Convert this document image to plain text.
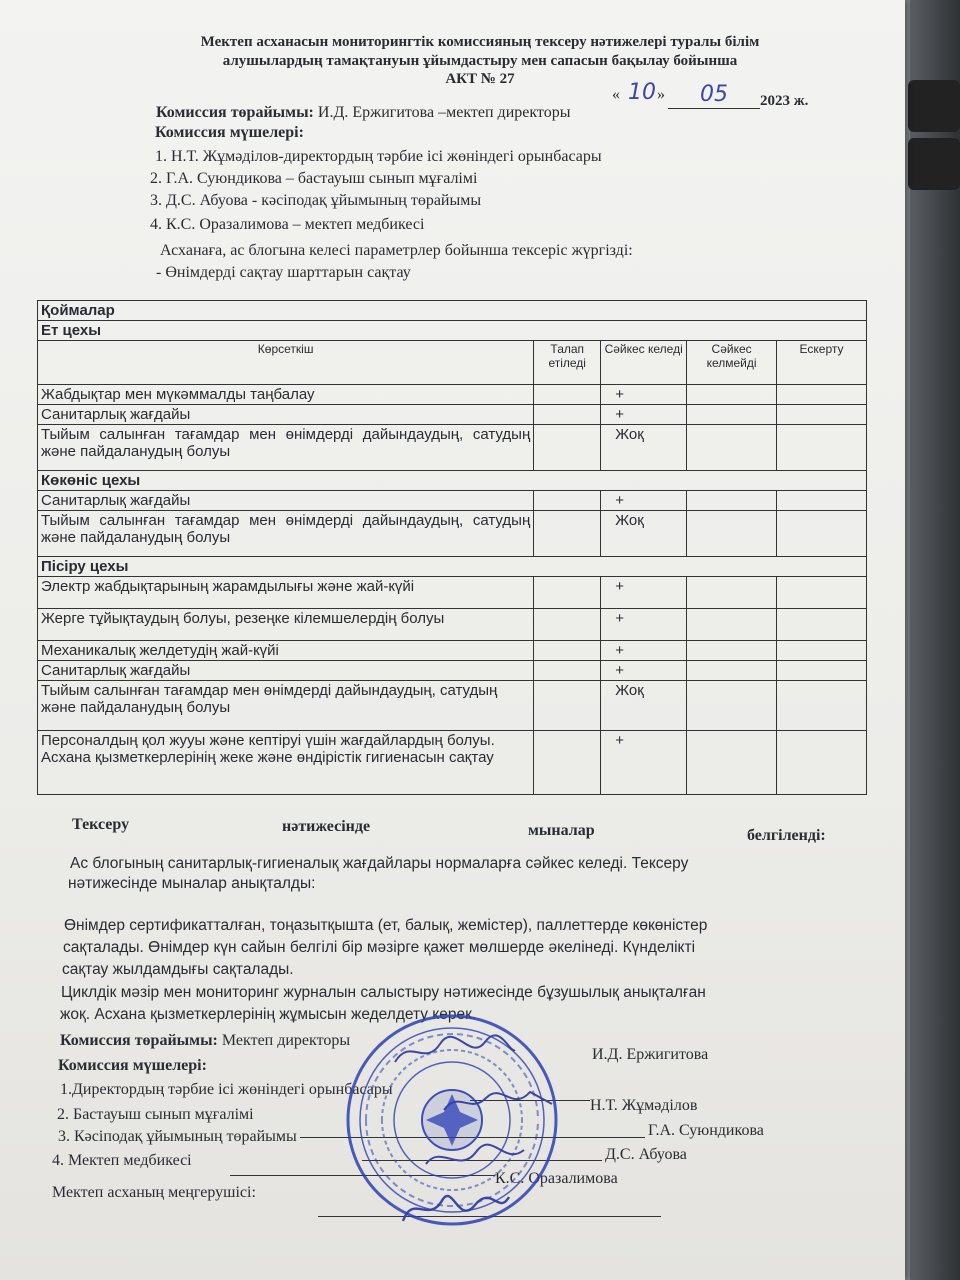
Мектеп асханасын мониторингтік комиссияның тексеру нәтижелері туралы білім
алушылардың тамақтануын ұйымдастыру мен сапасын бақылау бойынша
АКТ № 27
« 10 » 05 2023 ж.
Комиссия төрайымы: И.Д. Ержигитова –мектеп директоры
Комиссия мүшелері:
1. Н.Т. Жұмәділов-директордың тәрбие ісі жөніндегі орынбасары
2. Г.А. Суюндикова – бастауыш сынып мұғалімі
3. Д.С. Абуова - кәсіподақ ұйымының төрайымы
4. К.С. Оразалимова – мектеп медбикесі
Асханаға, ас блогына келесі параметрлер бойынша тексеріс жүргізді:
- Өнімдерді сақтау шарттарын сақтау
Қоймалар				
Ет цехы				
Көрсеткіш	Талап етіледі	Сәйкес келеді	Сәйкес келмейді	Ескерту
Жабдықтар мен мүкәммалды таңбалау		+		
Санитарлық жағдайы		+		
Тыйым салынған тағамдар мен өнімдерді дайындаудың, сатудың және пайдаланудың болуы		Жоқ		
Көкөніс цехы				
Санитарлық жағдайы		+		
Тыйым салынған тағамдар мен өнімдерді дайындаудың, сатудың және пайдаланудың болуы		Жоқ		
Пісіру цехы				
Электр жабдықтарының жарамдылығы және жай-күйі		+		
Жерге тұйықтаудың болуы, резеңке кілемшелердің болуы		+		
Механикалық желдетудің жай-күйі		+		
Санитарлық жағдайы		+		
Тыйым салынған тағамдар мен өнімдерді дайындаудың, сатудың және пайдаланудың болуы		Жоқ		
Персоналдың қол жууы және кептіруі үшін жағдайлардың болуы. Асхана қызметкерлерінің жеке және өндірістік гигиенасын сақтау		+		
Тексеру	нәтижесінде	мыналар	белгіленді:
Ас блогының санитарлық-гигиеналық жағдайлары нормаларға сәйкес келеді. Тексеру
нәтижесінде мыналар анықталды:
Өнімдер сертификатталған, тоңазытқышта (ет, балық, жемістер), паллеттерде көкөністер
сақталады. Өнімдер күн сайын белгілі бір мәзірге қажет мөлшерде әкелінеді. Күнделікті
сақтау жылдамдығы сақталады.
Циклдік мәзір мен мониторинг журналын салыстыру нәтижесінде бұзушылық анықталған
жоқ. Асхана қызметкерлерінің жұмысын жеделдету керек.
Комиссия төрайымы: Мектеп директоры
И.Д. Ержигитова
Комиссия мүшелері:
1.Директордың тәрбие ісі жөніндегі орынбасары
Н.Т. Жұмәділов
2. Бастауыш сынып мұғалімі
Г.А. Суюндикова
3. Кәсіподақ ұйымының төрайымы
Д.С. Абуова
4. Мектеп медбикесі
К.С. Оразалимова
Мектеп асханың меңгерушісі:
